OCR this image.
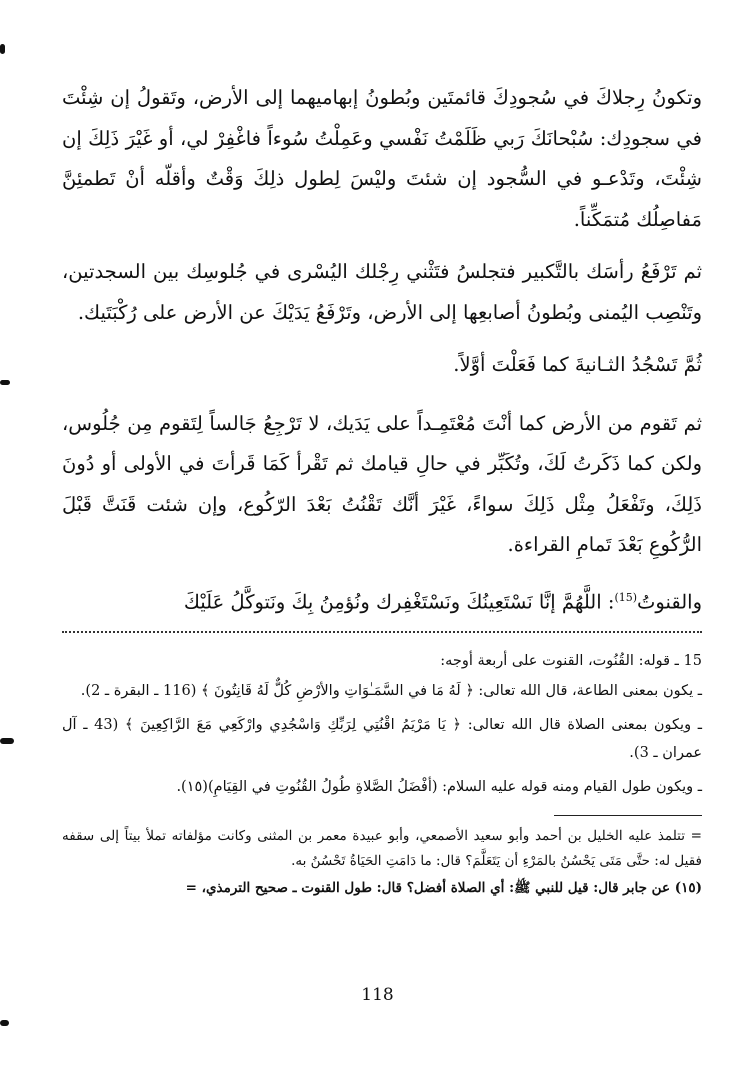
وتكونُ رِجلاكَ في سُجودِكَ قائمتَين وبُطونُ إبهاميهما إلى الأرض، وتَقولُ إن شِئْتَ في سجودِك: سُبْحانَكَ رَبي ظَلَمْتُ نَفْسي وعَمِلْتُ سُوءاً فاغْفِرْ لي، أو غَيْرَ ذَلِكَ إن شِئْتَ، وتَدْعـو في السُّجود إن شئتَ وليْسَ لِطول ذلِكَ وَقْتٌ وأقلّه أنْ تَطمئِنَّ مَفاصِلُك مُتمَكِّناً.

ثم تَرْفَعُ رأسَك بالتَّكبير فتجلسُ فتَثْني رِجْلك اليُسْرى في جُلوسِك بين السجدتين، وتَنْصِب اليُمنى وبُطونُ أصابعِها إلى الأرض، وتَرْفَعُ يَدَيْكَ عن الأرض على رُكْبَتَيك.

ثُمَّ تَسْجُدُ الثـانيةَ كما فَعَلْتَ أوَّلاً.

ثم تَقوم من الأرض كما أنْتَ مُعْتَمِـداً على يَدَيك، لا تَرْجِعُ جَالساً لِتَقوم مِن جُلُوس، ولكن كما ذَكَرتُ لَكَ، وتُكَبِّر في حالِ قيامك ثم تَقْرأ كَمَا قَرأتَ في الأولى أو دُونَ ذَلِكَ، وتَفْعَلُ مِثْل ذَلِكَ سواءً، غَيْرَ أنَّك تَقْنُتُ بَعْدَ الرّكُوع، وإن شئت قَنَتَّ قَبْلَ الرُّكُوعِ بَعْدَ تَمامِ القراءة.

والقنوتُ$^{(15)}$: اللَّهُمَّ إنَّا نَسْتَعِينُكَ ونَسْتَغْفِرك ونُؤمِنُ بِكَ ونَتوكَّلُ عَلَيْكَ

15 ـ قوله: القُنُوت، القنوت على أربعة أوجه:

ـ يكون بمعنى الطاعة، قال الله تعالى: ﴿ لَهُ مَا في السَّمَـٰوَاتِ والأرْضِ كُلٌّ لَهُ قَانِتُونَ ﴾ (116 ـ البقرة ـ 2).

ـ ويكون بمعنى الصلاة قال الله تعالى: ﴿ يَا مَرْيَمُ اقْنُتِي لِرَبِّكِ وَاسْجُدِي وارْكَعِي مَعَ الرَّاكِعِينَ ﴾ (43 ـ آل عمران ـ 3).

ـ ويكون طول القيام ومنه قوله عليه السلام: (أفْضَلُ الصَّلاةِ طُولُ القُنُوتِ في القِيَامِ)(١٥).

= تتلمذ عليه الخليل بن أحمد وأبو سعيد الأصمعي، وأبو عبيدة معمر بن المثنى وكانت مؤلفاته تملأ بيتاً إلى سقفه فقيل له: حتَّى مَتَى يَحْسُنُ بالمَرْءِ أن يَتَعَلَّمَ؟ قال: ما دَامَتِ الحَيَاةُ تَحْسُنُ به.

(١٥) عن جابر قال: قيل للنبي ﷺ: أي الصلاة أفضل؟ قال: طول القنوت ـ صحيح الترمذي، =

118
